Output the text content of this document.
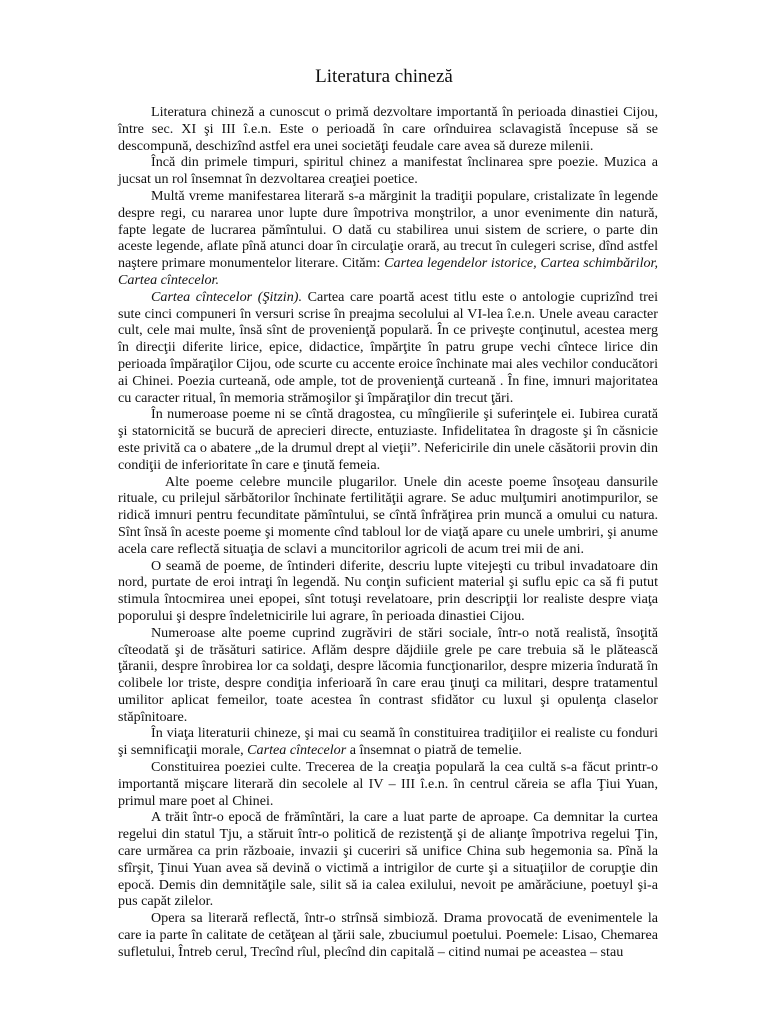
Literatura chineză

Literatura chineză a cunoscut o primă dezvoltare importantă în perioada dinastiei Cijou, între sec. XI şi III î.e.n. Este o perioadă în care orînduirea sclavagistă începuse să se descompună, deschizînd astfel era unei societăţi feudale care avea să dureze milenii.

Încă din primele timpuri, spiritul chinez a manifestat înclinarea spre poezie. Muzica a jucsat un rol însemnat în dezvoltarea creaţiei poetice.

Multă vreme manifestarea literară s-a mărginit la tradiţii populare, cristalizate în legende despre regi, cu nararea unor lupte dure împotriva monştrilor, a unor evenimente din natură, fapte legate de lucrarea pămîntului. O dată cu stabilirea unui sistem de scriere, o parte din aceste legende, aflate pînă atunci doar în circulaţie orară, au trecut în culegeri scrise, dînd astfel naştere primare monumentelor literare. Cităm: Cartea legendelor istorice, Cartea schimbărilor, Cartea cîntecelor.

Cartea cîntecelor (Şitzin). Cartea care poartă acest titlu este o antologie cuprizînd trei sute cinci compuneri în versuri scrise în preajma secolului al VI-lea î.e.n. Unele aveau caracter cult, cele mai multe, însă sînt de provenienţă populară. În ce priveşte conţinutul, acestea merg în direcţii diferite lirice, epice, didactice, împărţite în patru grupe vechi cîntece lirice din perioada împăraţilor Cijou, ode scurte cu accente eroice închinate mai ales vechilor conducători ai Chinei. Poezia curteană, ode ample, tot de provenienţă curteană . În fine, imnuri majoritatea cu caracter ritual, în memoria strămoşilor şi împăraţilor din trecut ţări.

În numeroase poeme ni se cîntă dragostea, cu mîngîierile şi suferinţele ei. Iubirea curată şi statornicită se bucură de aprecieri directe, entuziaste. Infidelitatea în dragoste şi în căsnicie este privită ca o abatere „de la drumul drept al vieţii”. Nefericirile din unele căsătorii provin din condiţii de inferioritate în care e ţinută femeia.

Alte poeme celebre muncile plugarilor. Unele din aceste poeme însoţeau dansurile rituale, cu prilejul sărbătorilor închinate fertilităţii agrare. Se aduc mulţumiri anotimpurilor, se ridică imnuri pentru fecunditate pămîntului, se cîntă înfrăţirea prin muncă a omului cu natura. Sînt însă în aceste poeme şi momente cînd tabloul lor de viaţă apare cu unele umbriri, şi anume acela care reflectă situaţia de sclavi a muncitorilor agricoli de acum trei mii de ani.

O seamă de poeme, de întinderi diferite, descriu lupte vitejeşti cu tribul invadatoare din nord, purtate de eroi intraţi în legendă. Nu conţin suficient material şi suflu epic ca să fi putut stimula întocmirea unei epopei, sînt totuşi revelatoare, prin descripţii lor realiste despre viaţa poporului şi despre îndeletnicirile lui agrare, în perioada dinastiei Cijou.

Numeroase alte poeme cuprind zugrăviri de stări sociale, într-o notă realistă, însoţită cîteodată şi de trăsături satirice. Aflăm despre dăjdiile grele pe care trebuia să le plătească ţăranii, despre înrobirea lor ca soldaţi, despre lăcomia funcţionarilor, despre mizeria îndurată în colibele lor triste, despre condiţia inferioară în care erau ţinuţi ca militari, despre tratamentul umilitor aplicat femeilor, toate acestea în contrast sfidător cu luxul şi opulenţa claselor stăpînitoare.

În viaţa literaturii chineze, şi mai cu seamă în constituirea tradiţiilor ei realiste cu fonduri şi semnificaţii morale, Cartea cîntecelor a însemnat o piatră de temelie.

Constituirea poeziei culte. Trecerea de la creaţia populară la cea cultă s-a făcut printr-o importantă mişcare literară din secolele al IV – III î.e.n. în centrul căreia se afla Ţiui Yuan, primul mare poet al Chinei.

A trăit într-o epocă de frămîntări, la care a luat parte de aproape. Ca demnitar la curtea regelui din statul Tju, a stăruit într-o politică de rezistenţă şi de alianţe împotriva regelui Ţin, care urmărea ca prin războaie, invazii şi cuceriri să unifice China sub hegemonia sa. Pînă la sfîrşit, Ţinui Yuan avea să devină o victimă a intrigilor de curte şi a situaţiilor de corupţie din epocă. Demis din demnităţile sale, silit să ia calea exilului, nevoit pe amărăciune, poetuyl şi-a pus capăt zilelor.

Opera sa literară reflectă, într-o strînsă simbioză. Drama provocată de evenimentele la care ia parte în calitate de cetăţean al ţării sale, zbuciumul poetului. Poemele: Lisao, Chemarea sufletului, Întreb cerul, Trecînd rîul, plecînd din capitală – citind numai pe aceastea – stau
